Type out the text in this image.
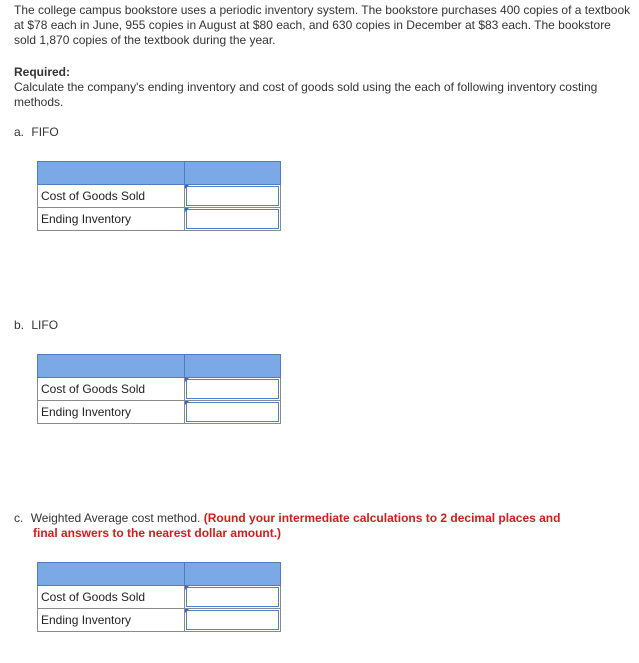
The college campus bookstore uses a periodic inventory system. The bookstore purchases 400 copies of a textbook at $78 each in June, 955 copies in August at $80 each, and 630 copies in December at $83 each. The bookstore sold 1,870 copies of the textbook during the year.

Required:

Calculate the company's ending inventory and cost of goods sold using the each of following inventory costing methods.

a. FIFO

Cost of Goods Sold	

Ending Inventory	
b. LIFO

Cost of Goods Sold	

Ending Inventory	
c. Weighted Average cost method. (Round your intermediate calculations to 2 decimal places and
final answers to the nearest dollar amount.)

Cost of Goods Sold	

Ending Inventory	
